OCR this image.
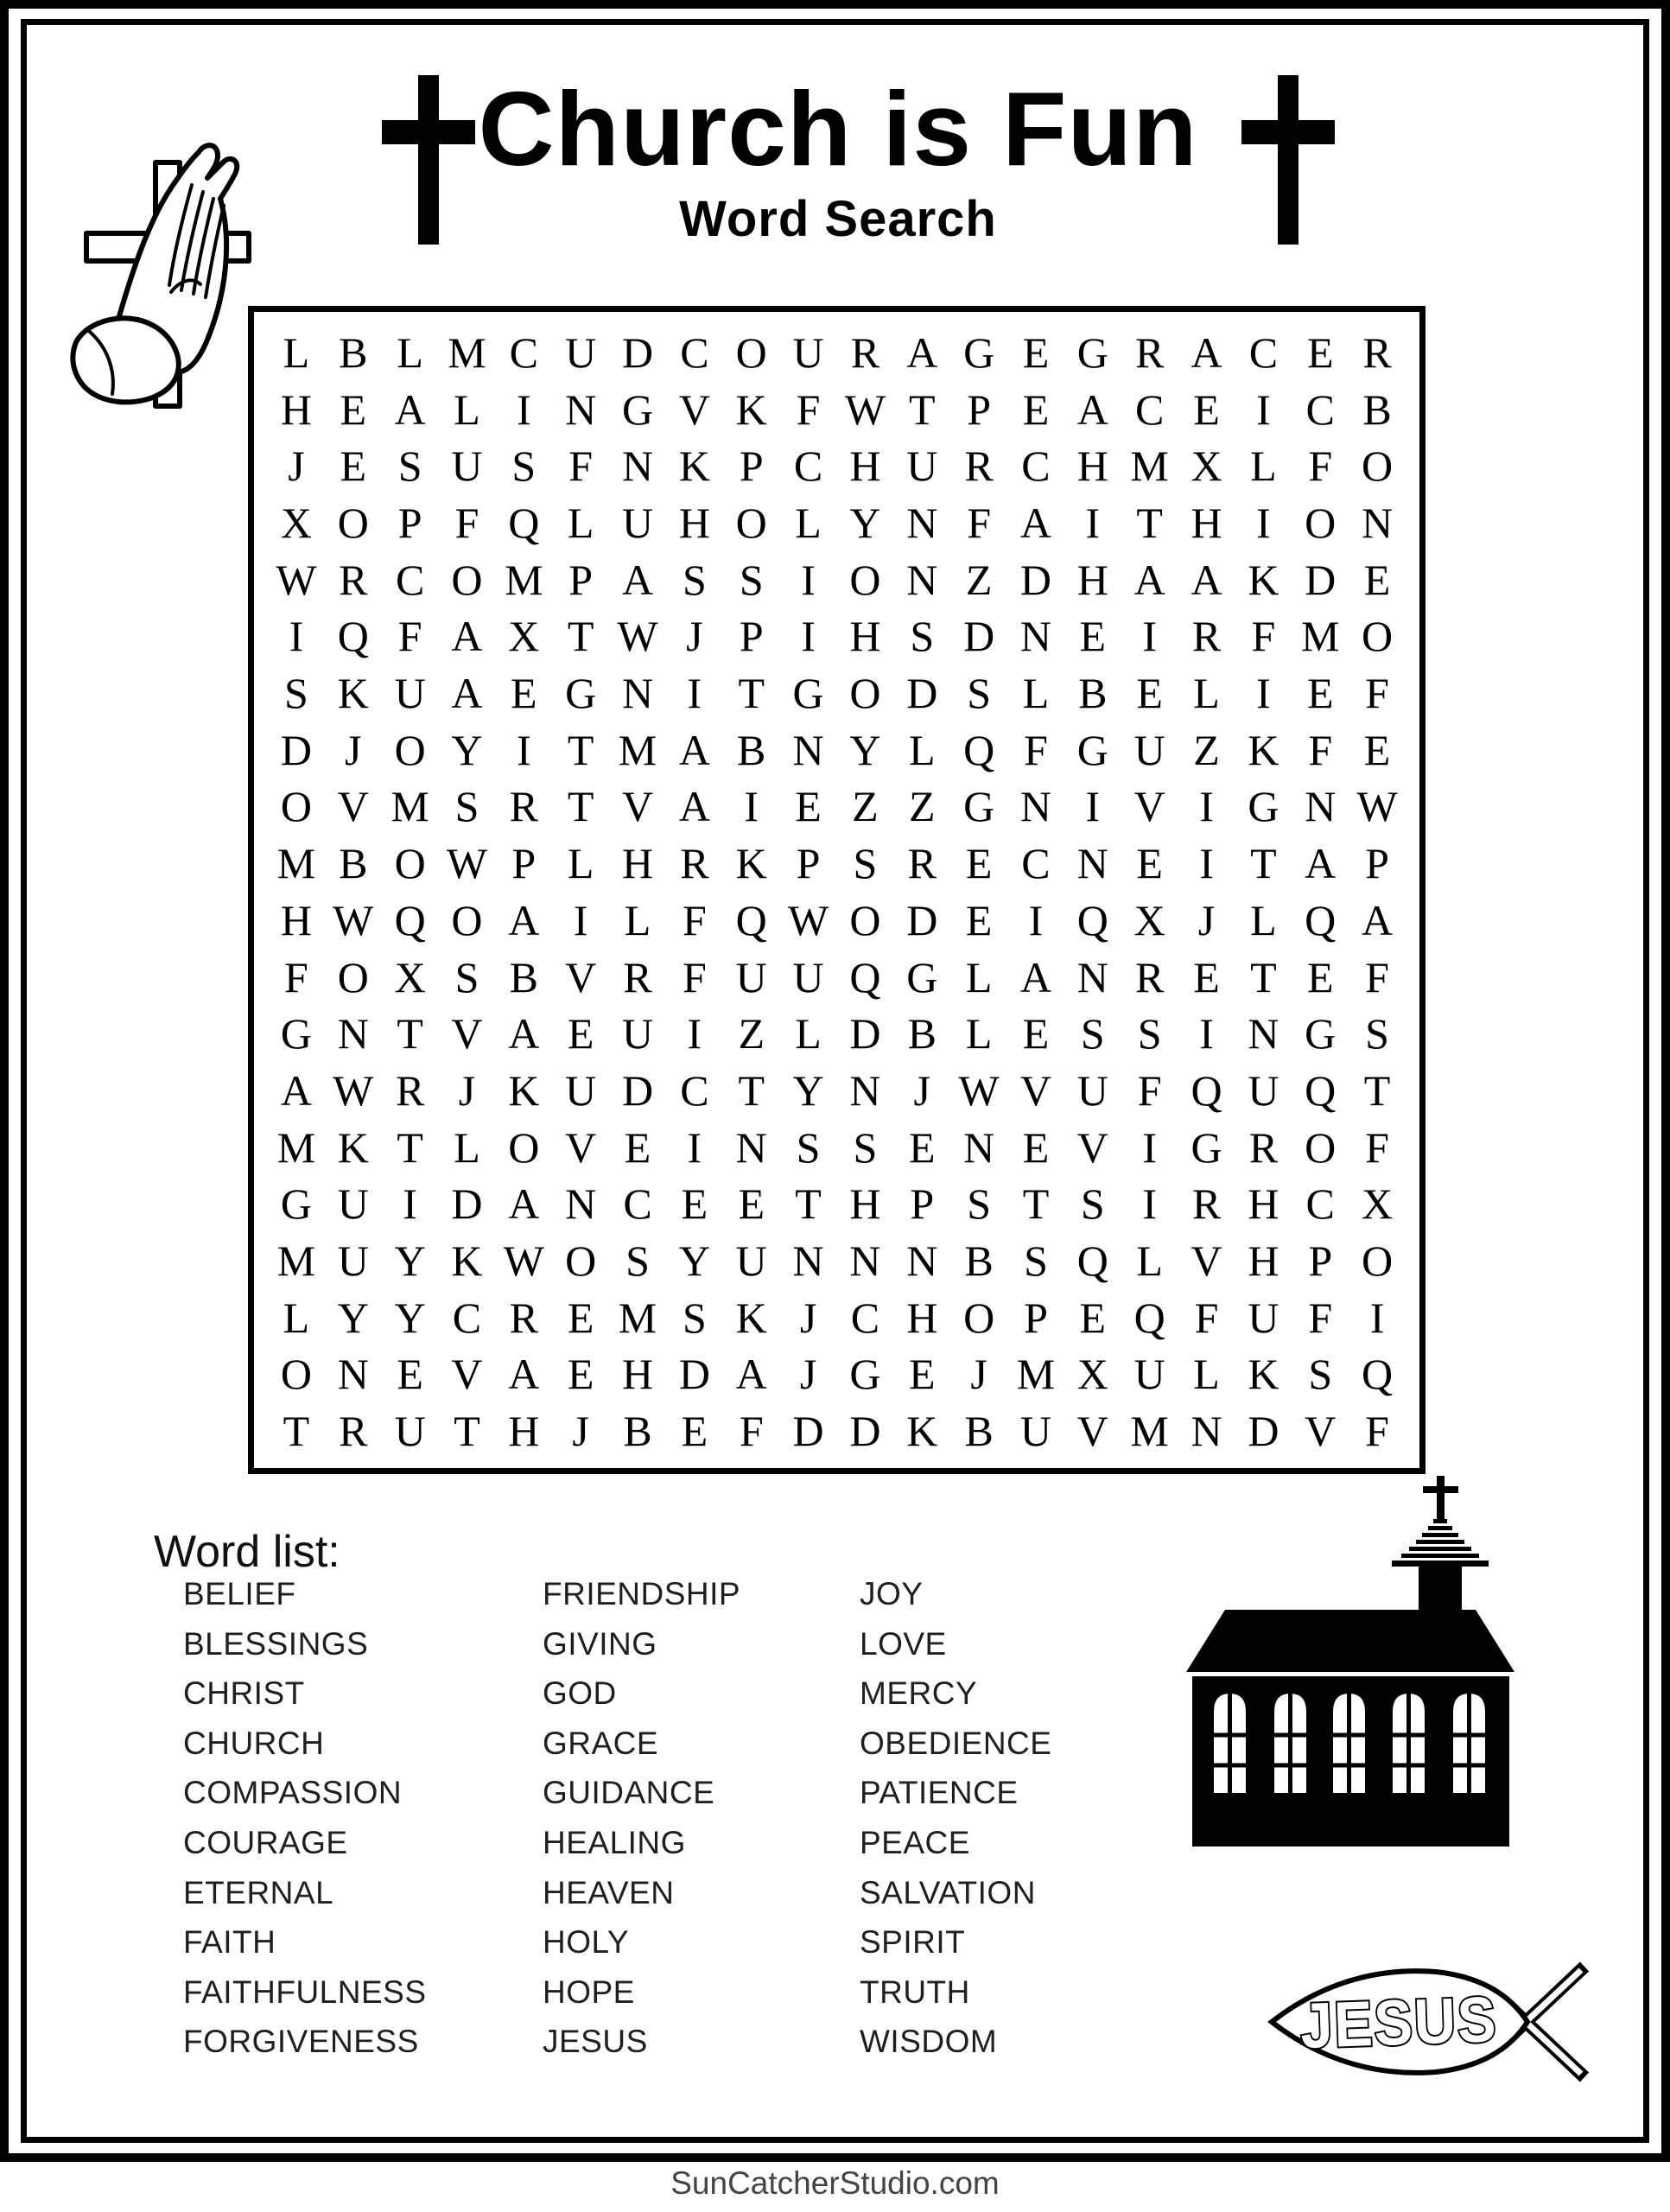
Church is Fun
Word Search
L B L M C U D C O U R A G E G R A C E R
H E A L I N G V K F W T P E A C E I C B
J E S U S F N K P C H U R C H M X L F O
X O P F Q L U H O L Y N F A I T H I O N
W R C O M P A S S I O N Z D H A A K D E
I Q F A X T W J P I H S D N E I R F M O
S K U A E G N I T G O D S L B E L I E F
D J O Y I T M A B N Y L Q F G U Z K F E
O V M S R T V A I E Z Z G N I V I G N W
M B O W P L H R K P S R E C N E I T A P
H W Q O A I L F Q W O D E I Q X J L Q A
F O X S B V R F U U Q G L A N R E T E F
G N T V A E U I Z L D B L E S S I N G S
A W R J K U D C T Y N J W V U F Q U Q T
M K T L O V E I N S S E N E V I G R O F
G U I D A N C E E T H P S T S I R H C X
M U Y K W O S Y U N N N B S Q L V H P O
L Y Y C R E M S K J C H O P E Q F U F I
O N E V A E H D A J G E J M X U L K S Q
T R U T H J B E F D D K B U V M N D V F
Word list:
BELIEF
BLESSINGS
CHRIST
CHURCH
COMPASSION
COURAGE
ETERNAL
FAITH
FAITHFULNESS
FORGIVENESS
FRIENDSHIP
GIVING
GOD
GRACE
GUIDANCE
HEALING
HEAVEN
HOLY
HOPE
JESUS
JOY
LOVE
MERCY
OBEDIENCE
PATIENCE
PEACE
SALVATION
SPIRIT
TRUTH
WISDOM	JESUS
SunCatcherStudio.com
